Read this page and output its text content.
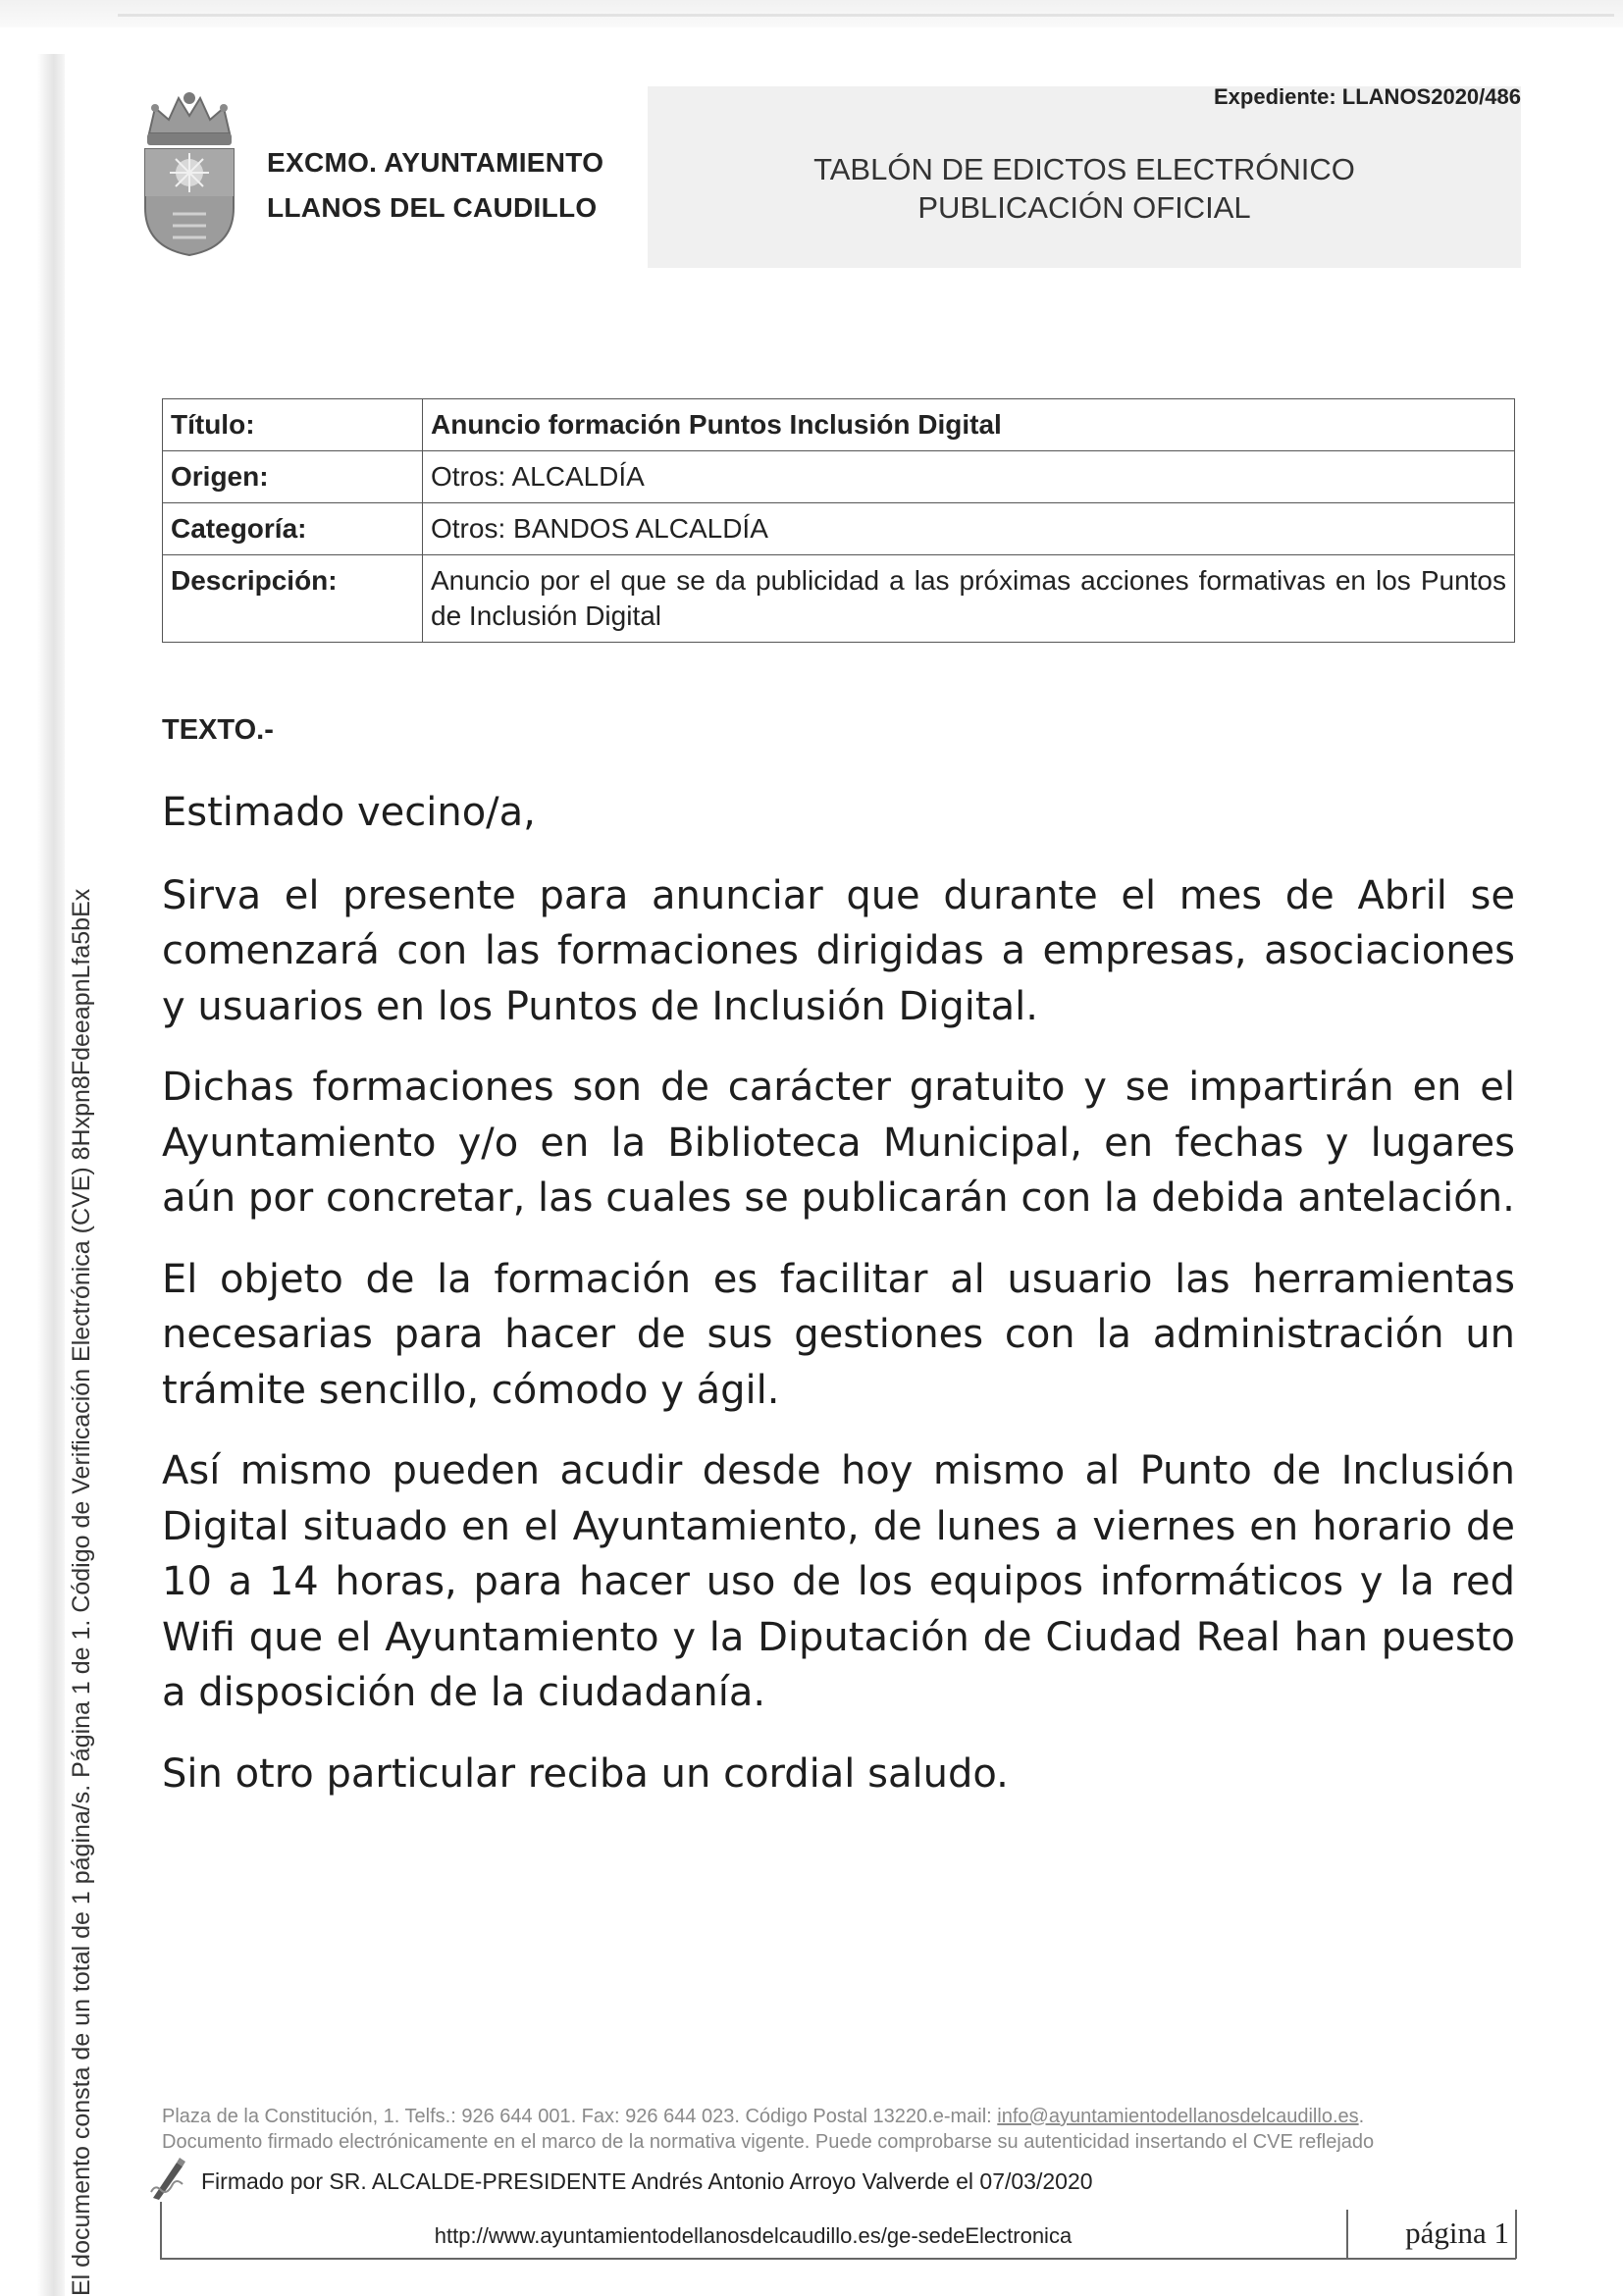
El documento consta de un total de 1 página/s. Página 1 de 1. Código de Verificación Electrónica (CVE) 8Hxpn8FdeeapnLfa5bEx
EXCMO. AYUNTAMIENTO
LLANOS DEL CAUDILLO
Expediente: LLANOS2020/486
TABLÓN DE EDICTOS ELECTRÓNICO
PUBLICACIÓN OFICIAL
Título:	Anuncio formación Puntos Inclusión Digital
Origen:	Otros: ALCALDÍA
Categoría:	Otros: BANDOS ALCALDÍA
Descripción:	Anuncio por el que se da publicidad a las próximas acciones formativas en los Puntos de Inclusión Digital
TEXTO.-

Estimado vecino/a,

Sirva el presente para anunciar que durante el mes de Abril se comenzará con las formaciones dirigidas a empresas, asociaciones y usuarios en los Puntos de Inclusión Digital.

Dichas formaciones son de carácter gratuito y se impartirán en el Ayuntamiento y/o en la Biblioteca Municipal, en fechas y lugares aún por concretar, las cuales se publicarán con la debida antelación.

El objeto de la formación es facilitar al usuario las herramientas necesarias para hacer de sus gestiones con la administración un trámite sencillo, cómodo y ágil.

Así mismo pueden acudir desde hoy mismo al Punto de Inclusión Digital situado en el Ayuntamiento, de lunes a viernes en horario de 10 a 14 horas, para hacer uso de los equipos informáticos y la red Wifi que el Ayuntamiento y la Diputación de Ciudad Real han puesto a disposición de la ciudadanía.

Sin otro particular reciba un cordial saludo.

Plaza de la Constitución, 1. Telfs.: 926 644 001. Fax: 926 644 023. Código Postal 13220.e-mail: info@ayuntamientodellanosdelcaudillo.es.
Documento firmado electrónicamente en el marco de la normativa vigente. Puede comprobarse su autenticidad insertando el CVE reflejado
Firmado por SR. ALCALDE-PRESIDENTE Andrés Antonio Arroyo Valverde el 07/03/2020
http://www.ayuntamientodellanosdelcaudillo.es/ge-sedeElectronica	página 1
